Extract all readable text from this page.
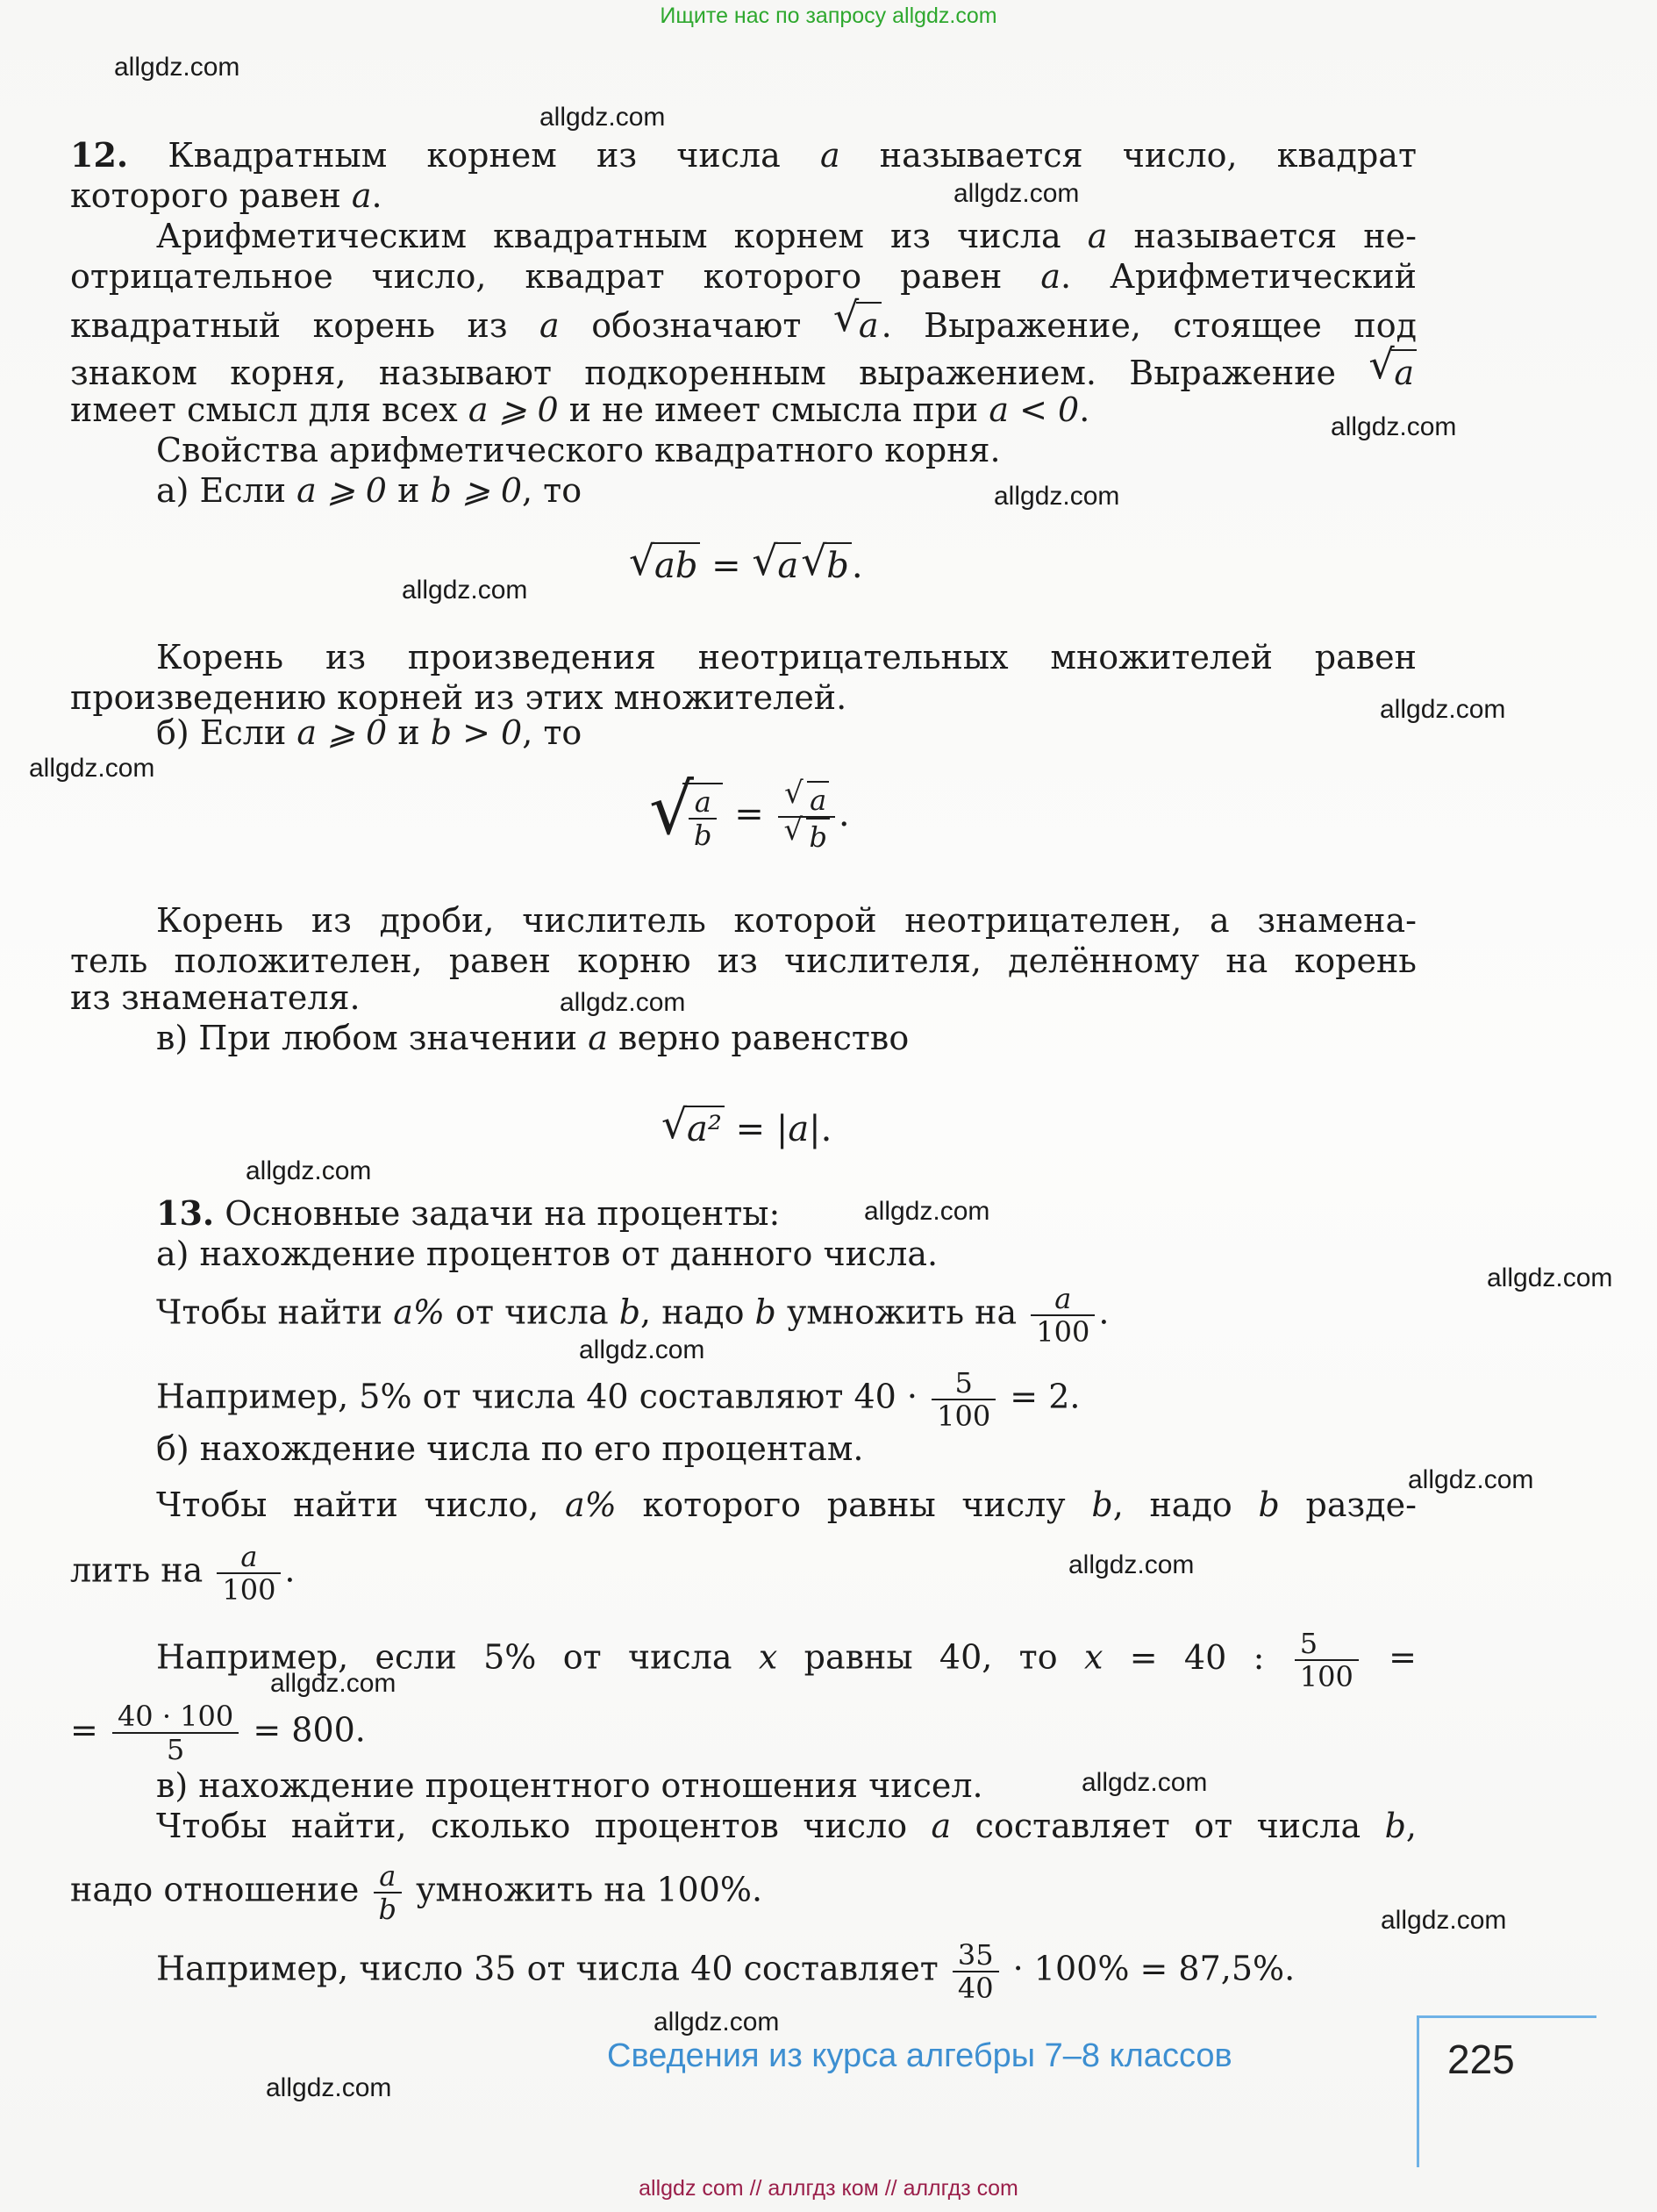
Ищите нас по запросу allgdz.com
allgdz.com
allgdz.com
allgdz.com
allgdz.com
allgdz.com
allgdz.com
allgdz.com
allgdz.com
allgdz.com
allgdz.com
allgdz.com
allgdz.com
allgdz.com
allgdz.com
allgdz.com
allgdz.com
allgdz.com
allgdz.com
allgdz.com
allgdz.com
12. Квадратным корнем из числа a называется число, квадрат
которого равен a.
Арифметическим квадратным корнем из числа a называется не-
отрицательное число, квадрат которого равен a. Арифметический
квадратный корень из a обозначают √ a. Выражение, стоящее под
знаком корня, называют подкоренным выражением. Выражение √ a
имеет смысл для всех a ⩾ 0 и не имеет смысла при a < 0.
Свойства арифметического квадратного корня.
а) Если a ⩾ 0 и b ⩾ 0, то
√ ab = √ a √ b.
Корень из произведения неотрицательных множителей равен
произведению корней из этих множителей.
б) Если a ⩾ 0 и b > 0, то
√
$\frac{a}{b} = \frac{√ a}{√ b}$ .
Корень из дроби, числитель которой неотрицателен, а знамена-
тель положителен, равен корню из числителя, делённому на корень
из знаменателя.
в) При любом значении a верно равенство
√ a² = |a|.
13. Основные задачи на проценты:
а) нахождение процентов от данного числа.
Чтобы найти a% от числа b, надо b умножить на $\frac{a}{100}$ .
Например, 5% от числа 40 составляют $40 \cdot \frac{5}{100} = 2$.
б) нахождение числа по его процентам.
Чтобы найти число, a% которого равны числу b, надо b разде-
лить на $\frac{a}{100}$ .
Например, если 5% от числа x равны 40, то x = 40 : $\frac{5}{100}$ =
= $\frac{40 \cdot 100}{5} = 800$.
в) нахождение процентного отношения чисел.
Чтобы найти, сколько процентов число a составляет от числа b,
надо отношение $\frac{a}{b}$ умножить на 100%.
Например, число 35 от числа 40 составляет $\frac{35}{40} \cdot 100\% = 87,5\%$.
Сведения из курса алгебры 7–8 классов	225
allgdz com // аллгдз ком // аллгдз com
